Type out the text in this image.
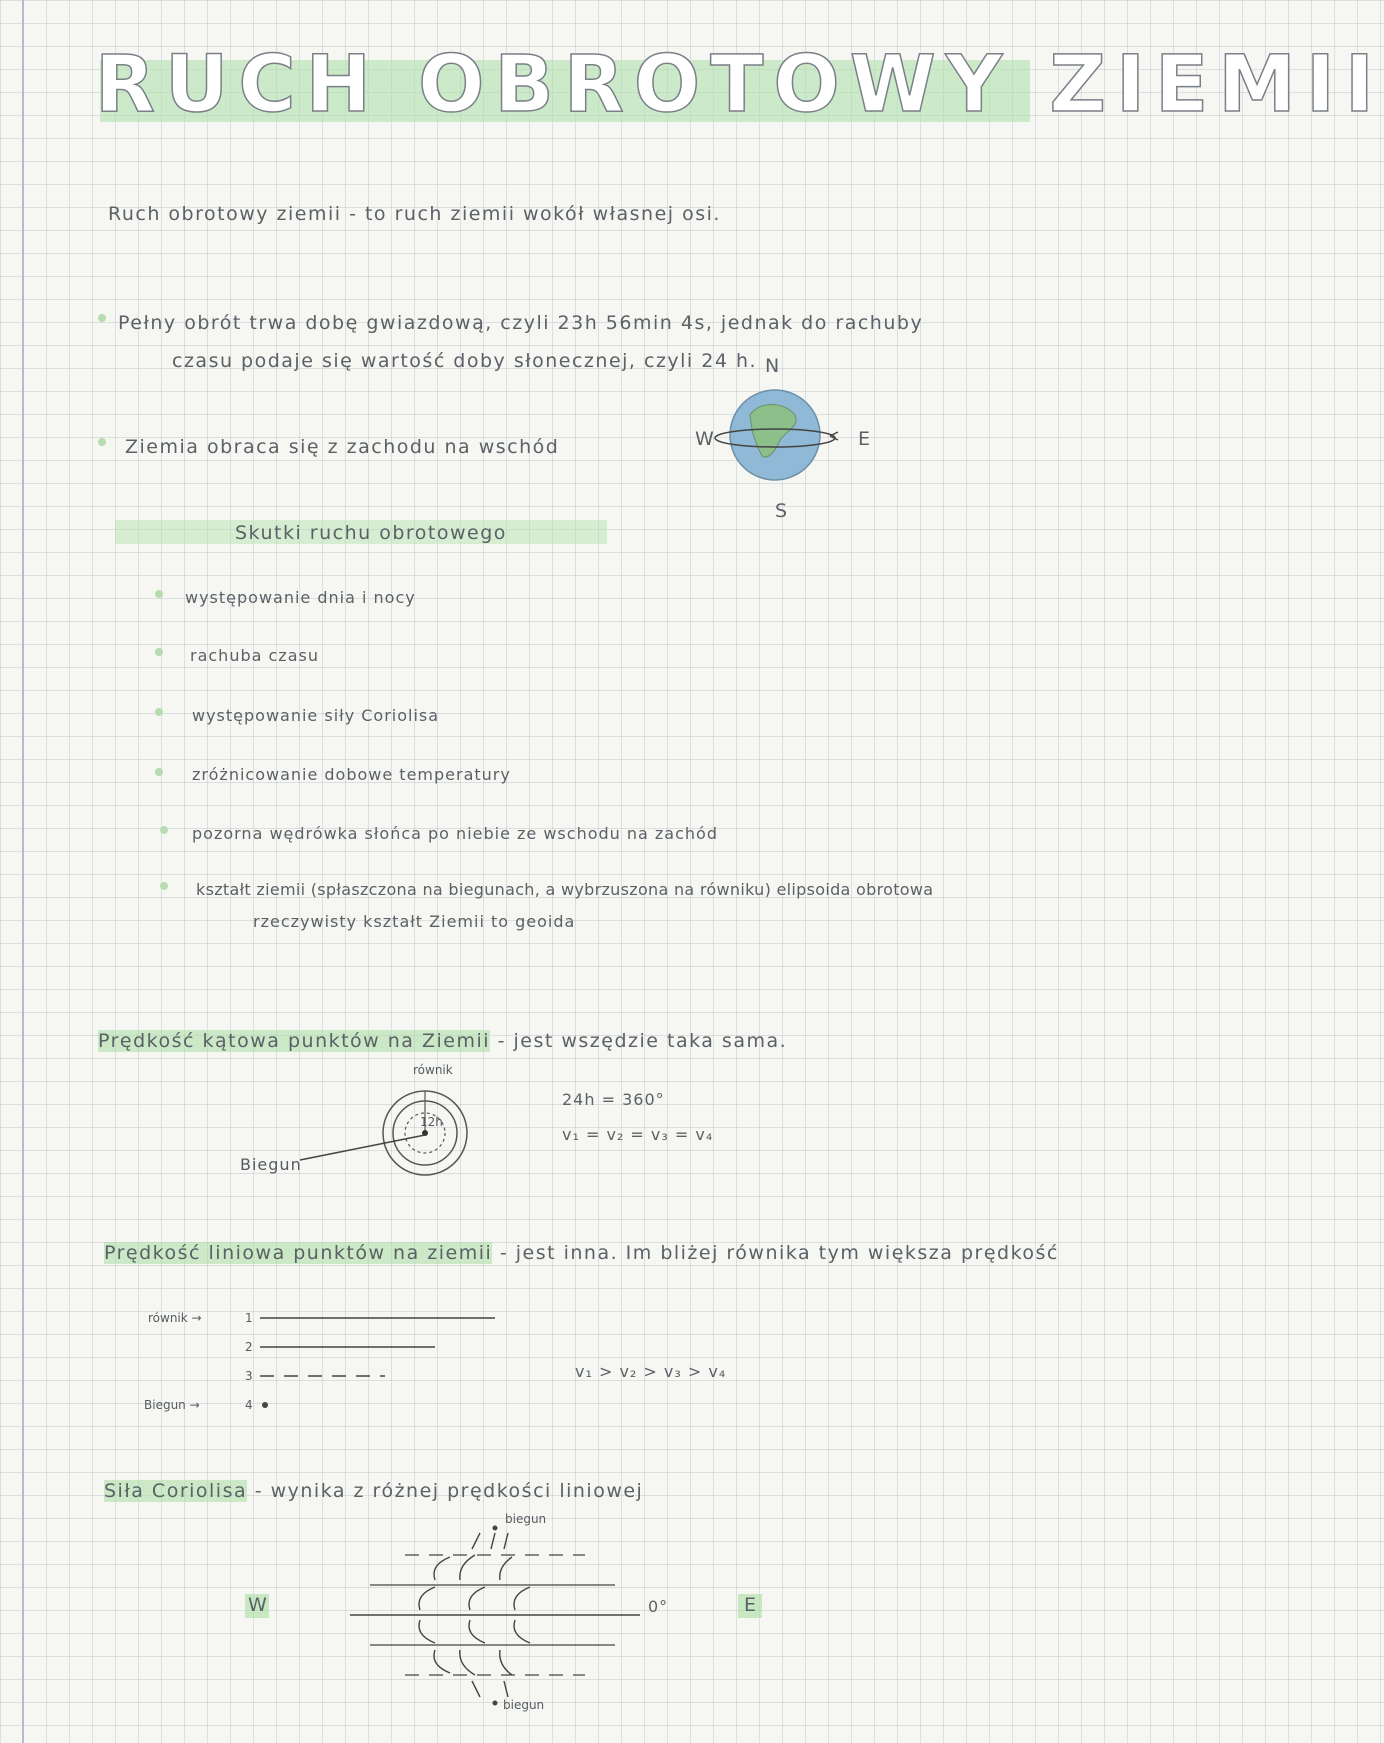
RUCH OBROTOWY ZIEMII
Ruch obrotowy ziemii - to ruch ziemii wokół własnej osi.
Pełny obrót trwa dobę gwiazdową, czyli 23h 56min 4s, jednak do rachuby
czasu podaje się wartość doby słonecznej, czyli 24 h.
Ziemia obraca się z zachodu na wschód
N
W	E
S
Skutki ruchu obrotowego
występowanie dnia i nocy
rachuba czasu
występowanie siły Coriolisa
zróżnicowanie dobowe temperatury
pozorna wędrówka słońca po niebie ze wschodu na zachód
kształt ziemii (spłaszczona na biegunach, a wybrzuszona na równiku) elipsoida obrotowa
rzeczywisty kształt Ziemii to geoida
Prędkość kątowa punktów na Ziemii - jest wszędzie taka sama.
równik
12h
Biegun
24h = 360°
v₁ = v₂ = v₃ = v₄
Prędkość liniowa punktów na ziemii - jest inna. Im bliżej równika tym większa prędkość
równik →
Biegun →
1
2
3
4
v₁ > v₂ > v₃ > v₄
Siła Coriolisa - wynika z różnej prędkości liniowej
biegun
biegun
W	E
0°
